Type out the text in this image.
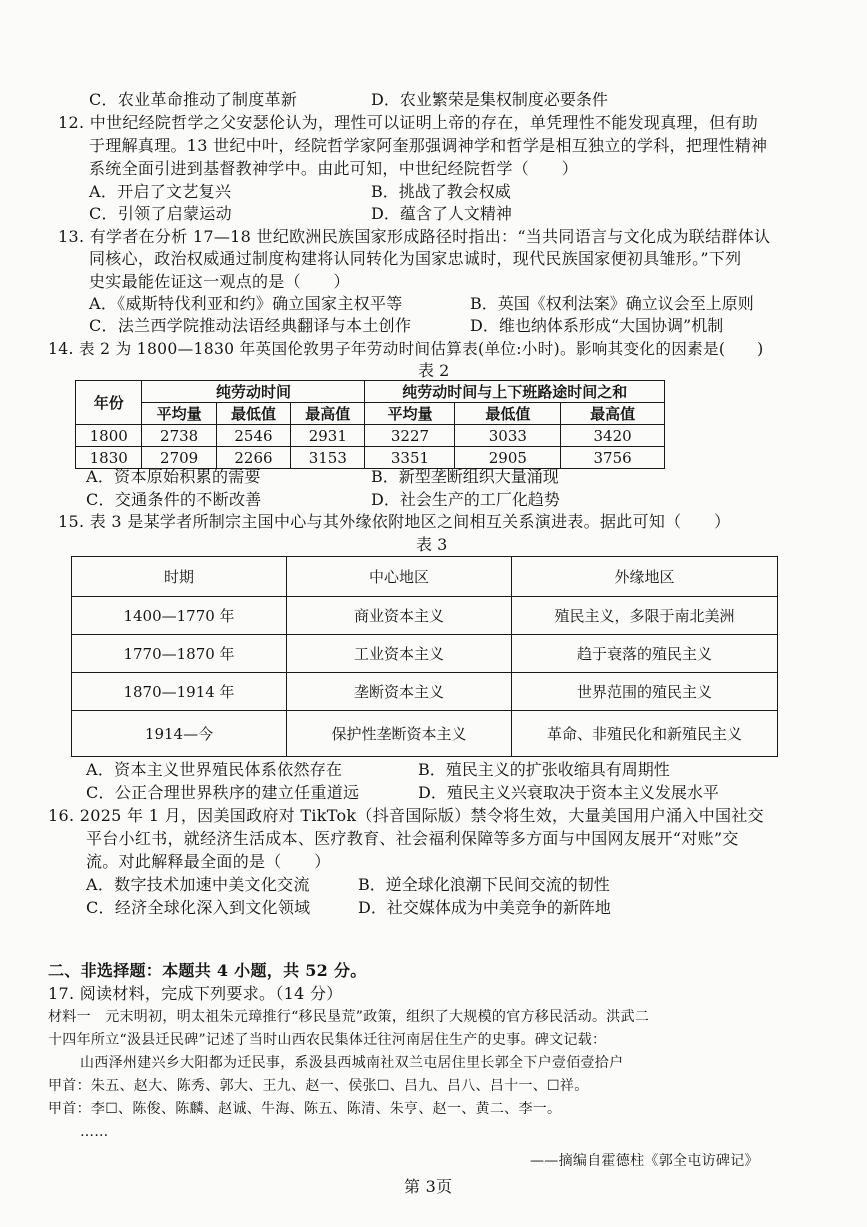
C．农业革命推动了制度革新	D．农业繁荣是集权制度必要条件
12. 中世纪经院哲学之父安瑟伦认为，理性可以证明上帝的存在，单凭理性不能发现真理，但有助
于理解真理。13 世纪中叶，经院哲学家阿奎那强调神学和哲学是相互独立的学科，把理性精神
系统全面引进到基督教神学中。由此可知，中世纪经院哲学（　　）
A．开启了文艺复兴	B．挑战了教会权威
C．引领了启蒙运动	D．蕴含了人文精神
13. 有学者在分析 17—18 世纪欧洲民族国家形成路径时指出：“当共同语言与文化成为联结群体认
同核心，政治权威通过制度构建将认同转化为国家忠诚时，现代民族国家便初具雏形。”下列
史实最能佐证这一观点的是（　　）
A．《威斯特伐利亚和约》确立国家主权平等	B．英国《权利法案》确立议会至上原则
C．法兰西学院推动法语经典翻译与本土创作	D．维也纳体系形成“大国协调”机制
14. 表 2 为 1800—1830 年英国伦敦男子年劳动时间估算表(单位:小时)。影响其变化的因素是(　　)
表 2
年份	纯劳动时间			纯劳动时间与上下班路途时间之和		
	平均量	最低值	最高值	平均量	最低值	最高值
1800	2738	2546	2931	3227	3033	3420
1830	2709	2266	3153	3351	2905	3756
A．资本原始积累的需要	B．新型垄断组织大量涌现
C．交通条件的不断改善	D．社会生产的工厂化趋势
15. 表 3 是某学者所制宗主国中心与其外缘依附地区之间相互关系演进表。据此可知（　　）
表 3
时期	中心地区	外缘地区
1400—1770 年	商业资本主义	殖民主义，多限于南北美洲
1770—1870 年	工业资本主义	趋于衰落的殖民主义
1870—1914 年	垄断资本主义	世界范围的殖民主义
1914—今	保护性垄断资本主义	革命、非殖民化和新殖民主义
A．资本主义世界殖民体系依然存在	B．殖民主义的扩张收缩具有周期性
C．公正合理世界秩序的建立任重道远	D．殖民主义兴衰取决于资本主义发展水平
16. 2025 年 1 月，因美国政府对 TikTok（抖音国际版）禁令将生效，大量美国用户涌入中国社交
平台小红书，就经济生活成本、医疗教育、社会福利保障等多方面与中国网友展开“对账”交
流。对此解释最全面的是（　　）
A．数字技术加速中美文化交流	B．逆全球化浪潮下民间交流的韧性
C．经济全球化深入到文化领域	D．社交媒体成为中美竞争的新阵地
二、非选择题：本题共 4 小题，共 52 分。
17. 阅读材料，完成下列要求。（14 分）
材料一　元末明初，明太祖朱元璋推行“移民垦荒”政策，组织了大规模的官方移民活动。洪武二
十四年所立“汲县迁民碑”记述了当时山西农民集体迁往河南居住生产的史事。碑文记载：
山西泽州建兴乡大阳都为迁民事，系汲县西城南社双兰屯居住里长郭全下户壹佰壹拾户
甲首：朱五、赵大、陈秀、郭大、王九、赵一、侯张☐、吕九、吕八、吕十一、☐祥。
甲首：李☐、陈俊、陈麟、赵诚、牛海、陈五、陈清、朱亨、赵一、黄二、李一。
……
——摘编自霍德柱《郭全屯访碑记》
第 3页
